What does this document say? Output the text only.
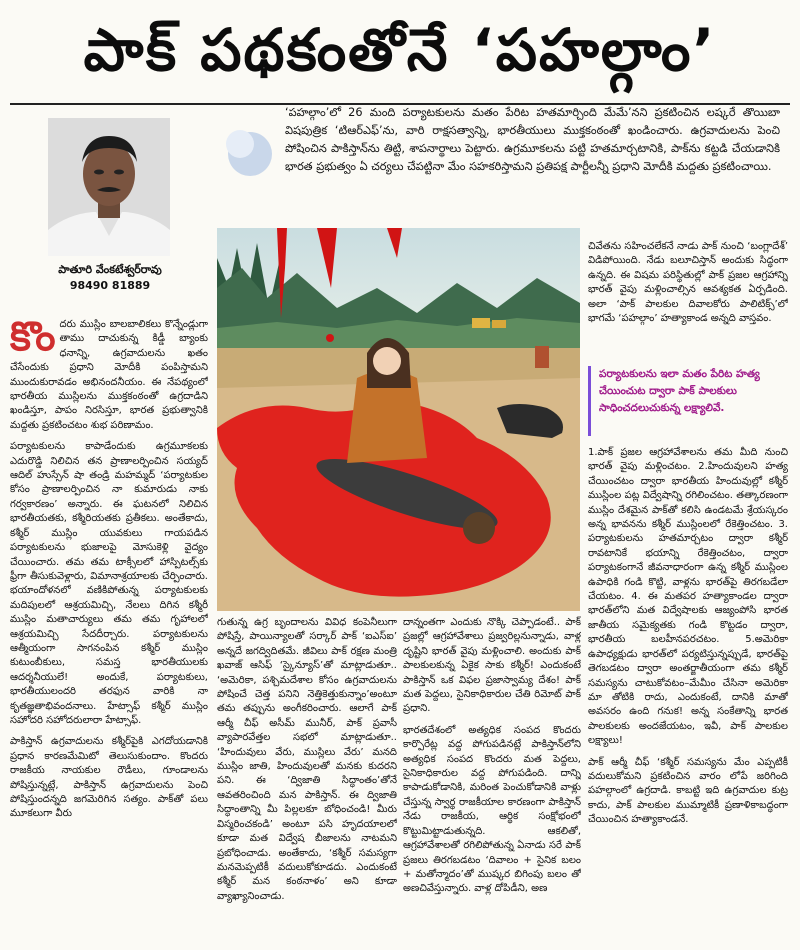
పాక్ పథకంతోనే ‘పహల్గాం’
పాతూరి వేంకటేశ్వర్‌రావు
98490 81889

‘పహల్గాం’లో 26 మంది పర్యాటకులను మతం పేరిట హతమార్చింది మేమే’నని ప్రకటించిన లష్కరే తొయిబా విషపుత్రిక ‘టిఆర్‌ఎఫ్‌’ను, వారి రాక్షసత్వాన్ని, భారతీయులు ముక్తకంఠంతో ఖండించారు. ఉగ్రవాదులను పెంచి పోషించిన పాకిస్తాన్‌ను తిట్టి, శాపనార్థాలు పెట్టారు. ఉగ్రమూకలను పట్టి హతమార్చటానికి, పాక్‌ను కట్టడి చేయడానికి భారత ప్రభుత్వం ఏ చర్యలు చేపట్టినా మేం సహకరిస్తామని ప్రతిపక్ష పార్టీలన్నీ ప్రధాని మోదీకి మద్దతు ప్రకటించాయి.

కొందరు ముస్లిం బాలబాలికలు కొన్నేండ్లుగా తాము దాచుకున్న కిడ్డీ బ్యాంకు ధనాన్ని, ఉగ్రవాదులను ఖతం చేసేందుకు ప్రధాని మోదీకి పంపిస్తామని ముందుకురావడం అభినందనీయం. ఈ నేపథ్యంలో భారతీయ ముస్లిలను ముక్తకంఠంతో ఉగ్రదాడిని ఖండిస్తూ, పాపం నిరసిస్తూ, భారత ప్రభుత్వానికి మద్దతు ప్రకటించటం శుభ పరిణామం.

పర్యాటకులను కాపాడేందుకు ఉగ్రమూకలకు ఎదురొడ్డి నిలిచిన తన ప్రాణాలర్పించిన సయ్యద్ ఆదిల్ హుస్సేన్ షా తండ్రి మహమ్మద్ ‘పర్యాటకుల కోసం ప్రాణాలర్పించిన నా కుమారుడు నాకు గర్వకారణం’ అన్నారు. ఈ ఘటనలో నిలిచిన భారతీయతకు, కశ్మీరియతకు ప్రతీకలు. అంతేకాదు, కశ్మీర్ ముస్లిం యువకులు గాయపడిన పర్యాటకులను భుజాలపై మోసుకెళ్లి వైద్యం చేయించారు. తమ తమ టాక్సీలలో హాస్పిటల్స్‌కు ఫ్రీగా తీసుకువెళ్లారు, విమానాశ్రయాలకు చేర్పించారు. భయాందోళనలో వణికిపోతున్న పర్యాటకులకు మదిపులలో ఆశ్రయమిచ్చి, నేలలు దిగిన కశ్మీరీ ముస్లిం మతాచార్యులు తమ తమ గృహాలలో ఆశ్రయమిచ్చి సేదదీర్చారు. పర్యాటకులను ఆత్మీయంగా సాగనంపిన కశ్మీర్ ముస్లిం కుటుంబీకులు, సమస్త భారతీయులకు ఆదర్శనీయులే! అందుకే, పర్యాటకులు, భారతీయులందరి తరఫున వారికి నా కృతజ్ఞతాభివందనాలు. హేట్సాఫ్ కశ్మీర్ ముస్లిం సహోదరి సహోదరులారా హేట్సాఫ్.

పాకిస్తాన్ ఉగ్రవాదులను కశ్మీర్‌పైకి ఎగదోయడానికి ప్రధాన కారణమేమిటో తెలుసుకుందాం. కొందరు రాజకీయ నాయకుల రౌడీలు, గూండాలను పోషిస్తున్నట్లే, పాకిస్తాన్ ఉగ్రవాదులను పెంచి పోషిస్తుందన్నది జగమెరిగిన సత్యం. పాక్‌తో పలు మూకలుగా వీరు

గుతున్న ఉగ్ర బృందాలను వివిధ కంపెనీలుగా పోషిస్తే, పాయిన్యాలతో సర్కార్ పాక్ ‘ఐఎస్ఐ’ అన్నదే జగద్విదితమే. జీవిలు పాక్ రక్షణ మంత్రి ఖవాజ్ ఆసిఫ్ ‘స్కైన్యూస్’తో మాట్లాడుతూ.. ‘అమెరికా, పశ్చిమదేశాల కోసం ఉగ్రవాదులను పోషించే చెత్త పనిని నెత్తికెత్తుకున్నాం’అంటూ తమ తప్పును అంగీకరించారు. ఆలాగే పాక్ ఆర్మీ చీఫ్ అసీమ్ మునీర్, పాక్ ప్రవాసీ వ్యాపారవేత్తల సభలో మాట్లాడుతూ.. ‘హిందువులు వేరు, ముస్లిలు వేరు’ మనది ముస్లిం జాతి, హిందువులతో మనకు కుదరని పని. ఈ ‘ద్విజాతి సిద్ధాంతం’తోనే ఆవతరించింది మన పాకిస్తాన్. ఈ ద్విజాతి సిద్ధాంతాన్ని మీ పిల్లలకూ బోధించండి! మీరు విస్మరించకండి’ అంటూ పసి హృదయాలలో కూడా మత విద్వేష బీజాలను నాటమని ప్రబోధించాడు. అంతేకాదు, ‘కశ్మీర్ సమస్యగా మనమెప్పటికీ వదులుకోకూడదు. ఎందుకంటే కశ్మీర్ మన కంఠనాళం’ అని కూడా వ్యాఖ్యానించాడు.

దాన్నంతగా ఎందుకు నొక్కి చెప్పాడంటే.. పాక్ ప్రజల్లో ఆగ్రహావేశాలు ప్రజ్వరిల్లనున్నాడు, వాళ్ల దృష్టిని భారత్ వైపు మళ్లించాలి. అందుకు పాక్ పాలకులకున్న ఏకైక సాకు కశ్మీర్! ఎందుకంటే పాకిస్తాన్ ఒక విఫల ప్రజాస్వామ్య దేశం! పాక్ మత పెద్దలు, సైనికాధికారుల చేతి రిమోట్ పాక్ ప్రధాని.

భారతదేశంలో అత్యధిక సంపద కొందరు కార్పొరేట్ల వద్ద పోగుపడినట్లే పాకిస్తాన్‌లోని అత్యధిక సంపద కొందరు మత పెద్దలు, సైనికాధికారుల వద్ద పోగుపడింది. దాన్ని కాపాడుకోడానికి, మరింత పెంచుకోడానికి వాళ్లు చేస్తున్న స్వార్థ రాజకీయాల కారణంగా పాకిస్తాన్ నేడు రాజకీయ, ఆర్థిక సంక్షోభంలో కొట్టుమిట్టాడుతున్నది. ఆకలితో, ఆగ్రహావేశాలతో రగిలిపోతున్న ఏనాడు సరే పాక్ ప్రజలు తిరగబడటం ‘దివాలం + సైనిక బలం + మతోన్మాదం’తో ముష్కర బిగింపు బలం తో అణచివేస్తున్నారు. వాళ్ల దోపిడీని, అణ

చివేతను సహించలేకనే నాడు పాక్ నుంచి ‘బంగ్లాదేశ్’ విడిపోయింది. నేడు బలూచిస్తాన్ అందుకు సిద్ధంగా ఉన్నది. ఈ విషమ పరిస్థితుల్లో పాక్ ప్రజల ఆగ్రహాన్ని భారత్ వైపు మళ్లించాల్సిన ఆవశ్యకత ఏర్పడింది. అలా ‘పాక్ పాలకుల దివాలకోరు పాలిటిక్స్‌’లో భాగమే ‘పహల్గాం’ హత్యాకాండ అన్నది వాస్తవం.

పర్యాటకులను ఇలా మతం పేరిట హత్య చేయించుట ద్వారా పాక్ పాలకులు సాధించదలుచుకున్న లక్ష్యాలివే.

1.పాక్ ప్రజల ఆగ్రహావేశాలను తమ మీది నుంచి భారత్ వైపు మళ్లించటం. 2.హిందువులని హత్య చేయించటం ద్వారా భారతీయ హిందువుల్లో కశ్మీర్ ముస్లింల పట్ల విద్వేషాన్ని రగిలించటం. తత్కారణంగా ముస్లిం దేశమైన పాక్‌తో కలిసి ఉండటమే శ్రేయస్కరం అన్న భావనను కశ్మీర్ ముస్లింలలో రేకెత్తించటం. 3. పర్యాటకులను హతమార్చటం ద్వారా కశ్మీర్ రావటానికే భయాన్ని రేకెత్తించటం, ద్వారా పర్యాటకంగానే జీవనాధారంగా ఉన్న కశ్మీర్ ముస్లింల ఉపాధికి గండి కొట్టి, వాళ్లను భారత్‌పై తిరగబడేలా చేయటం. 4. ఈ మతపర హత్యాకాండల ద్వారా భారత్‌లోని మత విద్వేషాలకు ఆజ్యంపోసి భారత జాతీయ సమైక్యతకు గండి కొట్టడం ద్వారా, భారతీయ బలహీనపరచటం. 5.అమెరికా ఉపాధ్యక్షుడు భారత్‌లో పర్యటిస్తున్నప్పుడే, భారత్‌పై తెగబడటం ద్వారా అంతర్జాతీయంగా తమ కశ్మీర్ సమస్యను చాటుకోవటం–మేమీం చేసినా అమెరికా మా తోటికి రాదు, ఎందుకంటే, దానికి మాతో అవసరం ఉంది గనుక! అన్న సంకేతాన్ని భారత పాలకులకు అందజేయటం, ఇవీ, పాక్ పాలకుల లక్ష్యాలు!

పాక్ ఆర్మీ చీఫ్ ‘కశ్మీర్ సమస్యను మేం ఎప్పటికీ వదులుకోమని ప్రకటించిన వారం లోపే జరిగింది పహల్గాంలో ఉగ్రదాడి. కాబట్టి ఇది ఉగ్రవాదుల కుట్ర కాదు, పాక్ పాలకుల ముమ్మాటికీ ప్రణాళికాబద్ధంగా చేయించిన హత్యాకాండనే.
